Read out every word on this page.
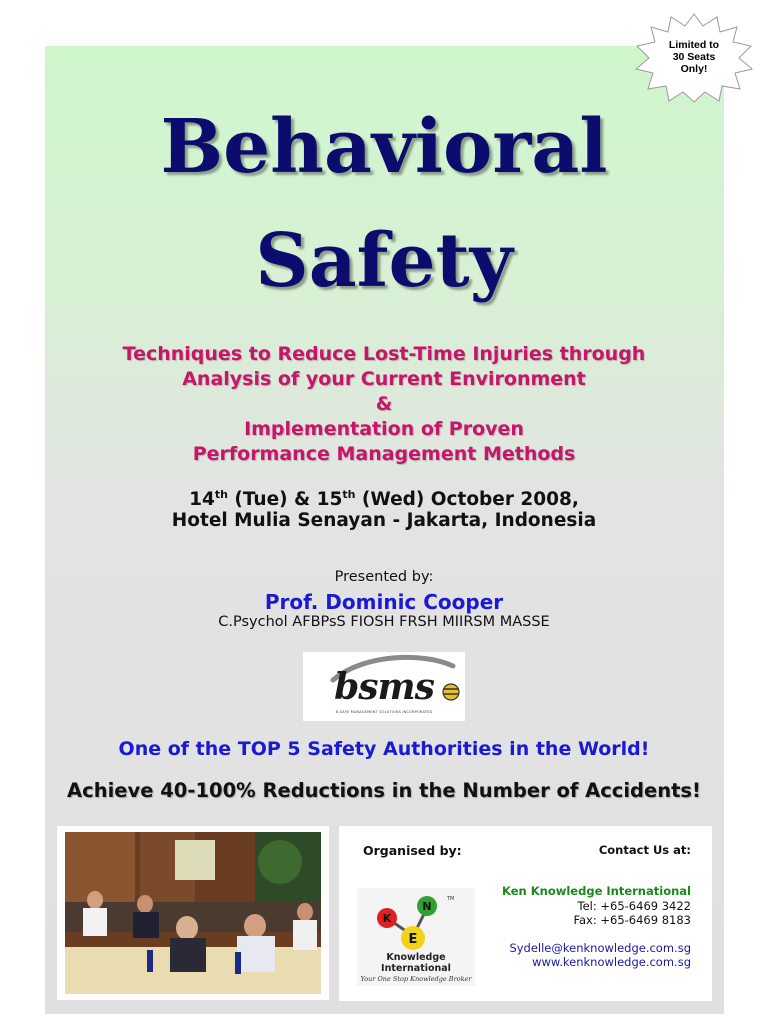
Limited to
30 Seats
Only!
Behavioral
Safety
Techniques to Reduce Lost-Time Injuries through
Analysis of your Current Environment
&
Implementation of Proven
Performance Management Methods
14th (Tue) & 15th (Wed) October 2008,
Hotel Mulia Senayan - Jakarta, Indonesia
Presented by:
Prof. Dominic Cooper
C.Psychol AFBPsS FIOSH FRSH MIIRSM MASSE
bsms
B-SAFE MANAGEMENT SOLUTIONS INCORPORATED
One of the TOP 5 Safety Authorities in the World!
Achieve 40-100% Reductions in the Number of Accidents!
Organised by:	Contact Us at:
K
N
E
TM
Knowledge
International
Your One Stop Knowledge Broker
Ken Knowledge International
Tel: +65-6469 3422
Fax: +65-6469 8183
Sydelle@kenknowledge.com.sg
www.kenknowledge.com.sg
